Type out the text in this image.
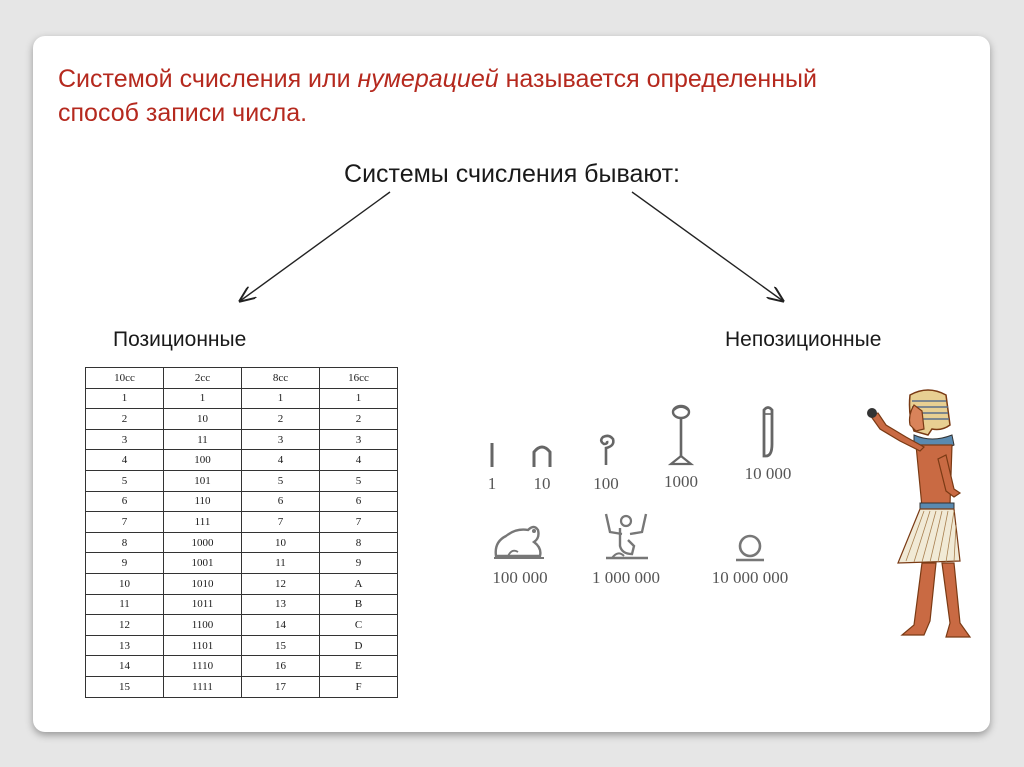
Системой счисления или нумерацией называется определенный способ записи числа.
Системы счисления бывают:
Позиционные	Непозиционные
10сс	2сс	8сс	16сс
1	1	1	1
2	10	2	2
3	11	3	3
4	100	4	4
5	101	5	5
6	110	6	6
7	111	7	7
8	1000	10	8
9	1001	11	9
10	1010	12	A
11	1011	13	B
12	1100	14	C
13	1101	15	D
14	1110	16	E
15	1111	17	F
1	10	100	1000	10 000
100 000	1 000 000	10 000 000
